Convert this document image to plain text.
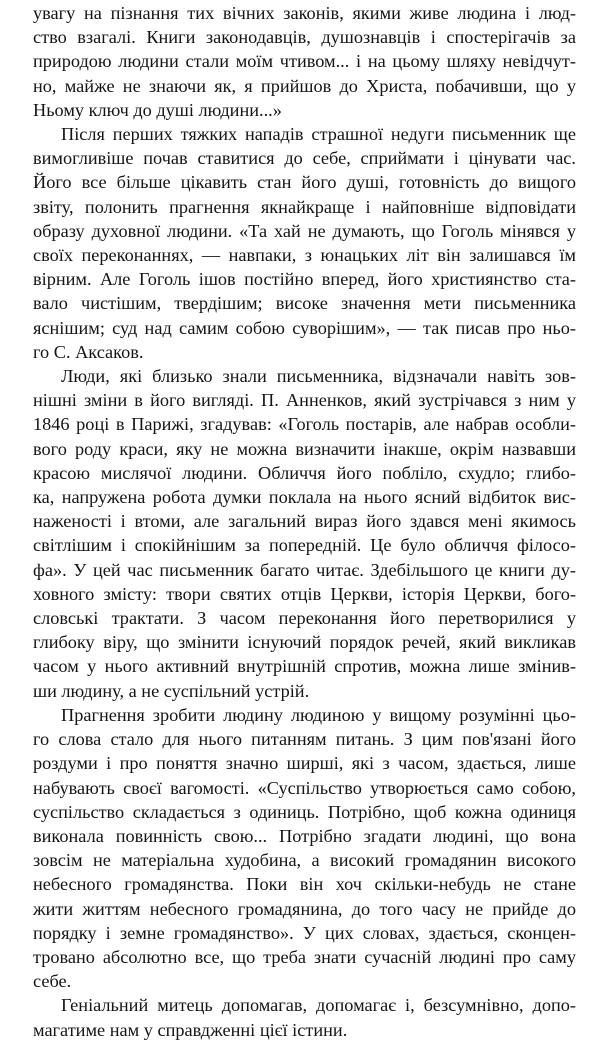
увагу на пізнання тих вічних законів, якими живе людина і люд-
ство взагалі. Книги законодавців, душознавців і спостерігачів за
природою людини стали моїм чтивом... і на цьому шляху невідчут-
но, майже не знаючи як, я прийшов до Христа, побачивши, що у
Ньому ключ до душі людини...»
Після перших тяжких нападів страшної недуги письменник ще
вимогливіше почав ставитися до себе, сприймати і цінувати час.
Його все більше цікавить стан його душі, готовність до вищого
звіту, полонить прагнення якнайкраще і найповніше відповідати
образу духовної людини. «Та хай не думають, що Гоголь мінявся у
своїх переконаннях, — навпаки, з юнацьких літ він залишався їм
вірним. Але Гоголь ішов постійно вперед, його християнство ста-
вало чистішим, твердішим; високе значення мети письменника
яснішим; суд над самим собою суворішим», — так писав про ньо-
го С. Аксаков.
Люди, які близько знали письменника, відзначали навіть зов-
нішні зміни в його вигляді. П. Анненков, який зустрічався з ним у
1846 році в Парижі, згадував: «Гоголь постарів, але набрав особли-
вого роду краси, яку не можна визначити інакше, окрім назвавши
красою мислячої людини. Обличчя його побліло, схудло; глибо-
ка, напружена робота думки поклала на нього ясний відбиток вис-
наженості і втоми, але загальний вираз його здався мені якимось
світлішим і спокійнішим за попередній. Це було обличчя філосо-
фа». У цей час письменник багато читає. Здебільшого це книги ду-
ховного змісту: твори святих отців Церкви, історія Церкви, бого-
словські трактати. З часом переконання його перетворилися у
глибоку віру, що змінити існуючий порядок речей, який викликав
часом у нього активний внутрішній спротив, можна лише змінив-
ши людину, а не суспільний устрій.
Прагнення зробити людину людиною у вищому розумінні цьо-
го слова стало для нього питанням питань. З цим пов'язані його
роздуми і про поняття значно ширші, які з часом, здається, лише
набувають своєї вагомості. «Суспільство утворюється само собою,
суспільство складається з одиниць. Потрібно, щоб кожна одиниця
виконала повинність свою... Потрібно згадати людині, що вона
зовсім не матеріальна худобина, а високий громадянин високого
небесного громадянства. Поки він хоч скільки-небудь не стане
жити життям небесного громадянина, до того часу не прийде до
порядку і земне громадянство». У цих словах, здається, сконцен-
тровано абсолютно все, що треба знати сучасній людині про саму
себе.
Геніальний митець допомагав, допомагає і, безсумнівно, допо-
магатиме нам у справдженні цієї істини.
